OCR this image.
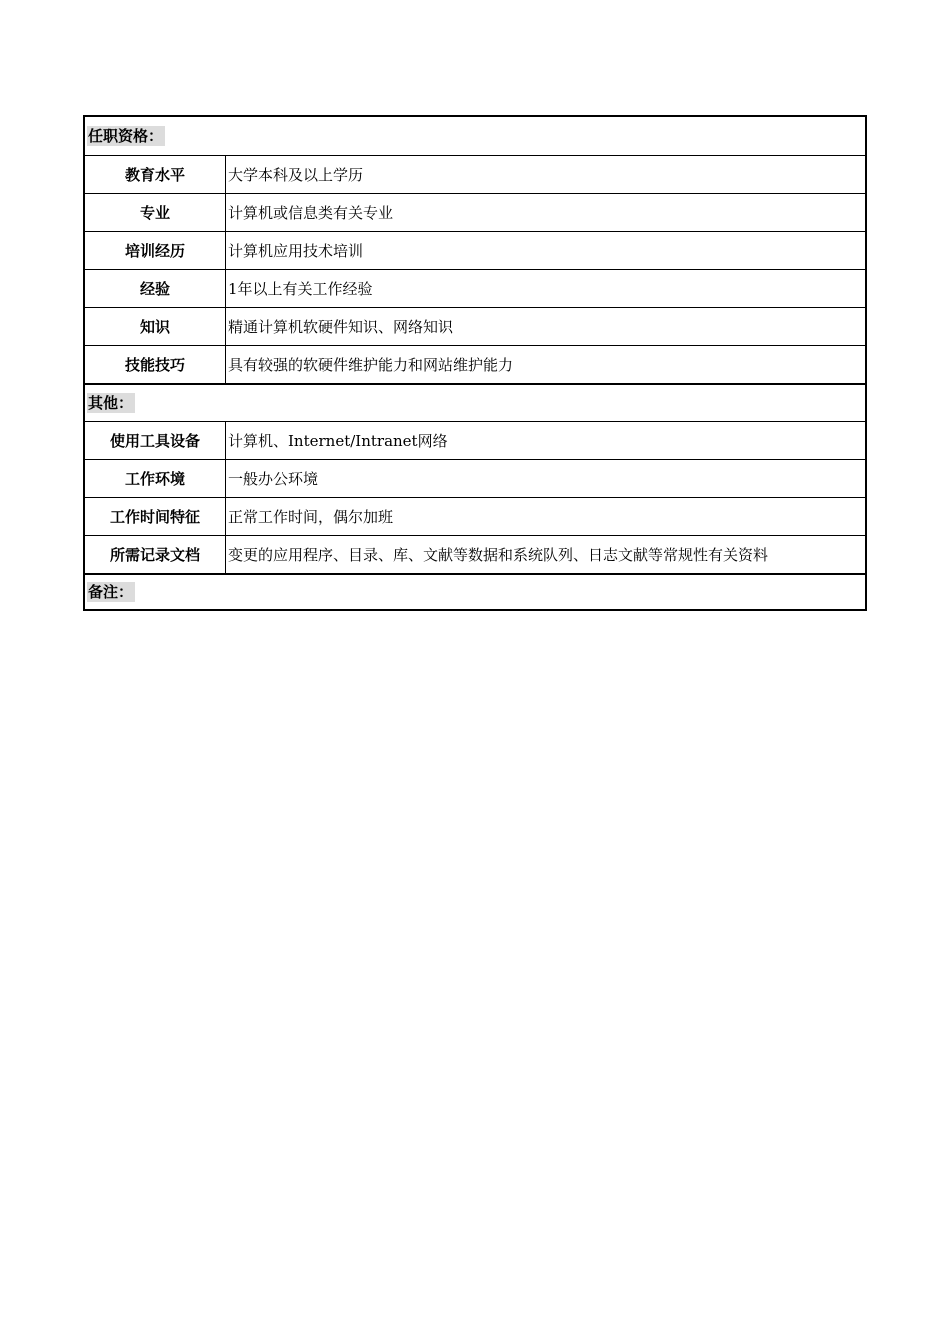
任职资格：
教育水平	大学本科及以上学历
专业	计算机或信息类有关专业
培训经历	计算机应用技术培训
经验	1年以上有关工作经验
知识	精通计算机软硬件知识、网络知识
技能技巧	具有较强的软硬件维护能力和网站维护能力
其他：
使用工具设备	计算机、Internet/Intranet网络
工作环境	一般办公环境
工作时间特征	正常工作时间，偶尔加班
所需记录文档	变更的应用程序、目录、库、文献等数据和系统队列、日志文献等常规性有关资料
备注：
